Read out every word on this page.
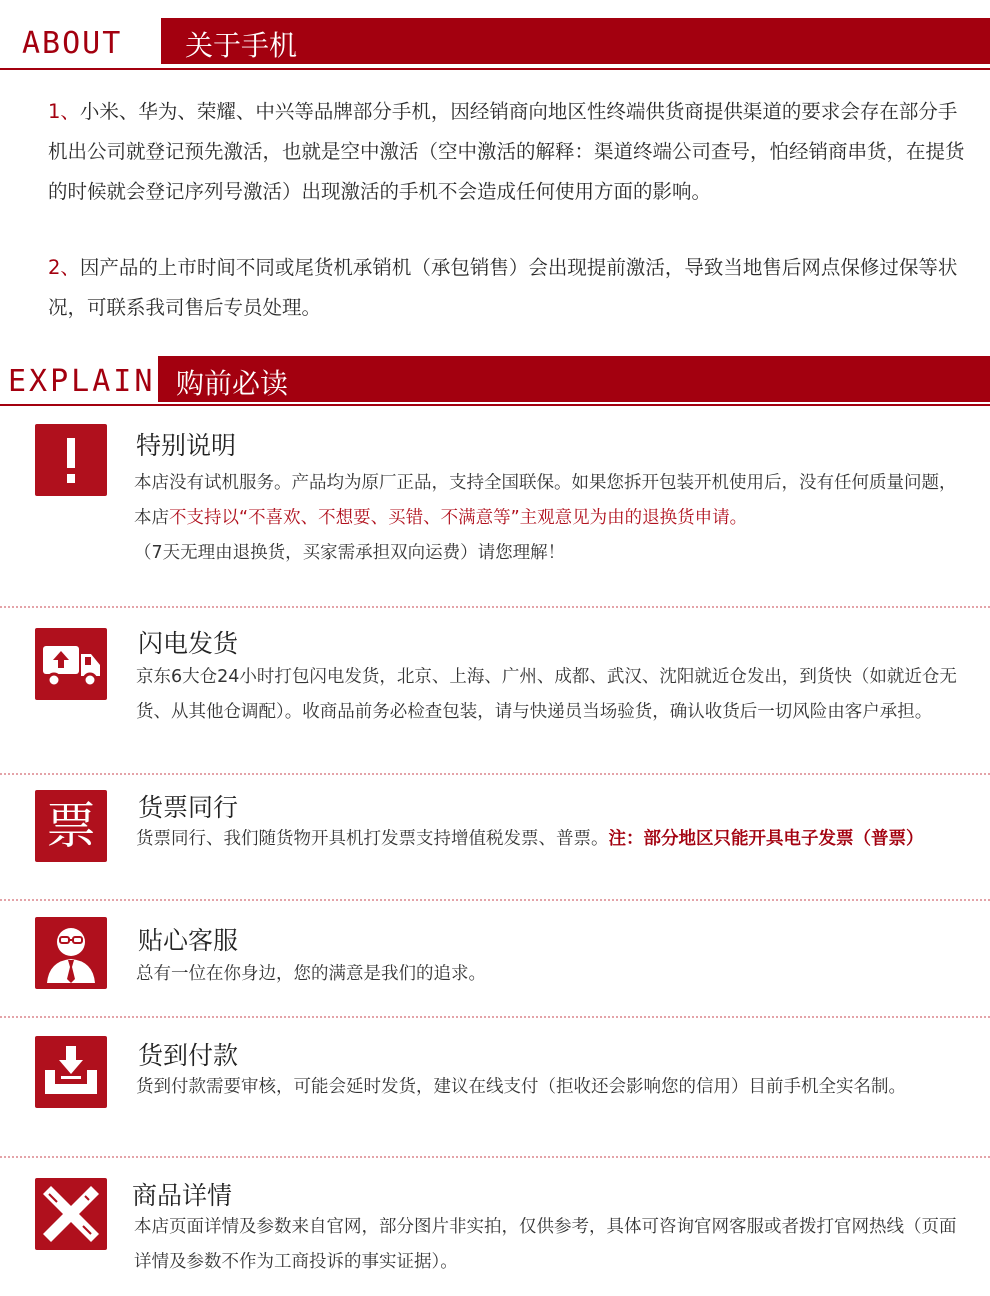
ABOUT 关于手机

1、小米、华为、荣耀、中兴等品牌部分手机，因经销商向地区性终端供货商提供渠道的要求会存在部分手机出公司就登记预先激活，也就是空中激活（空中激活的解释：渠道终端公司查号，怕经销商串货，在提货的时候就会登记序列号激活）出现激活的手机不会造成任何使用方面的影响。

2、因产品的上市时间不同或尾货机承销机（承包销售）会出现提前激活，导致当地售后网点保修过保等状况，可联系我司售后专员处理。

EXPLAIN 购前必读
特别说明

本店没有试机服务。产品均为原厂正品，支持全国联保。如果您拆开包装开机使用后，没有任何质量问题，本店不支持以“不喜欢、不想要、买错、不满意等”主观意见为由的退换货申请。
（7天无理由退换货，买家需承担双向运费）请您理解！

闪电发货

京东6大仓24小时打包闪电发货，北京、上海、广州、成都、武汉、沈阳就近仓发出，到货快（如就近仓无货、从其他仓调配）。收商品前务必检查包装，请与快递员当场验货，确认收货后一切风险由客户承担。

票 货票同行

货票同行、我们随货物开具机打发票支持增值税发票、普票。注：部分地区只能开具电子发票（普票）

贴心客服

总有一位在你身边，您的满意是我们的追求。

货到付款

货到付款需要审核，可能会延时发货，建议在线支付（拒收还会影响您的信用）目前手机全实名制。

商品详情

本店页面详情及参数来自官网，部分图片非实拍，仅供参考，具体可咨询官网客服或者拨打官网热线（页面详情及参数不作为工商投诉的事实证据）。
